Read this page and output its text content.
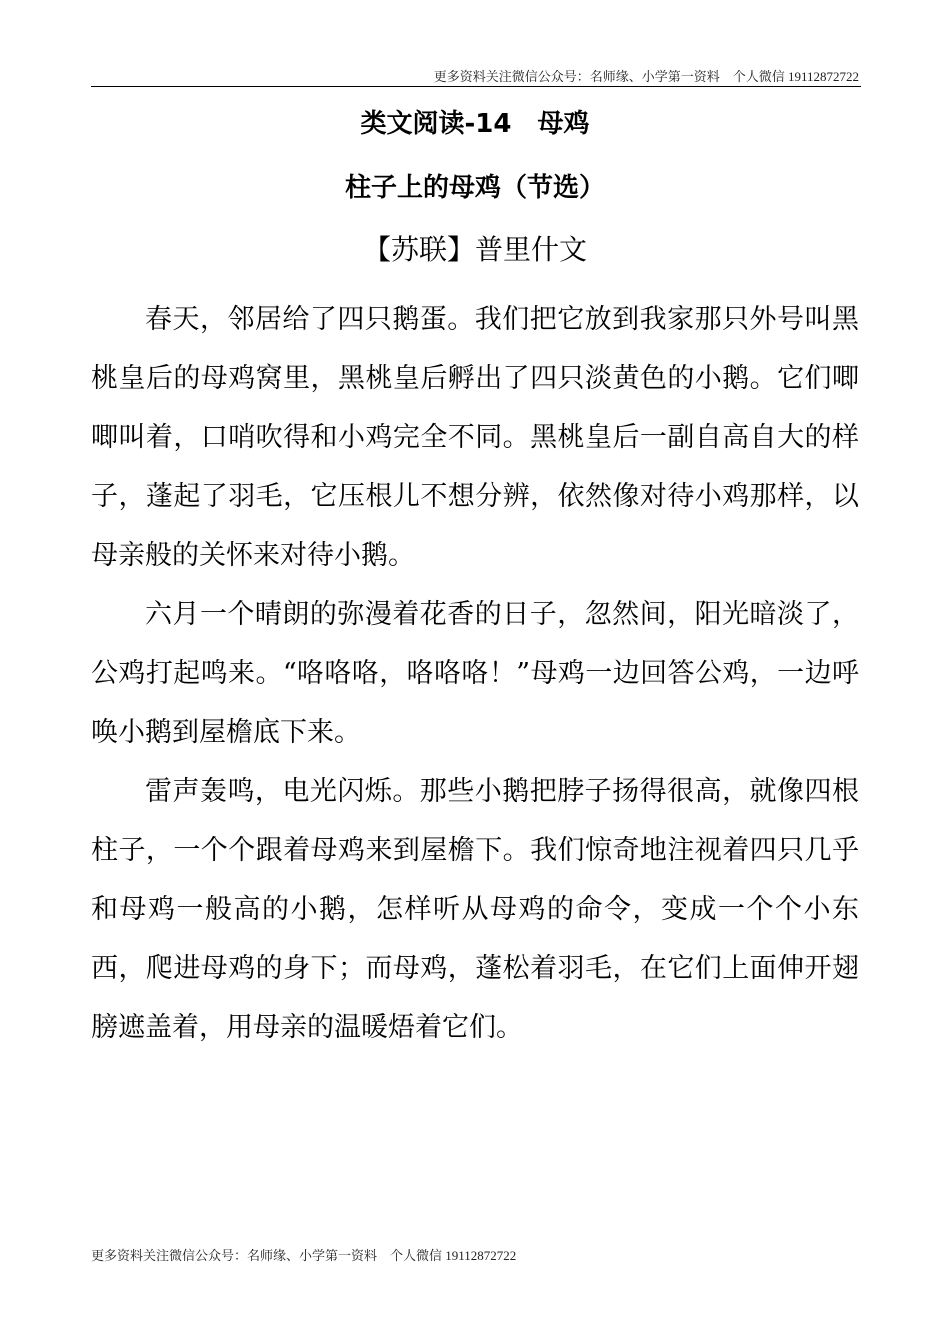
更多资料关注微信公众号：名师缘、小学第一资料　个人微信 19112872722
类文阅读-14　母鸡
柱子上的母鸡（节选）
【苏联】普里什文

春天，邻居给了四只鹅蛋。我们把它放到我家那只外号叫黑桃皇后的母鸡窝里，黑桃皇后孵出了四只淡黄色的小鹅。它们唧唧叫着，口哨吹得和小鸡完全不同。黑桃皇后一副自高自大的样子，蓬起了羽毛，它压根儿不想分辨，依然像对待小鸡那样，以母亲般的关怀来对待小鹅。

六月一个晴朗的弥漫着花香的日子，忽然间，阳光暗淡了，公鸡打起鸣来。“咯咯咯，咯咯咯！”母鸡一边回答公鸡，一边呼唤小鹅到屋檐底下来。

雷声轰鸣，电光闪烁。那些小鹅把脖子扬得很高，就像四根柱子，一个个跟着母鸡来到屋檐下。我们惊奇地注视着四只几乎和母鸡一般高的小鹅，怎样听从母鸡的命令，变成一个个小东西，爬进母鸡的身下；而母鸡，蓬松着羽毛，在它们上面伸开翅膀遮盖着，用母亲的温暖焐着它们。

更多资料关注微信公众号：名师缘、小学第一资料　个人微信 19112872722
